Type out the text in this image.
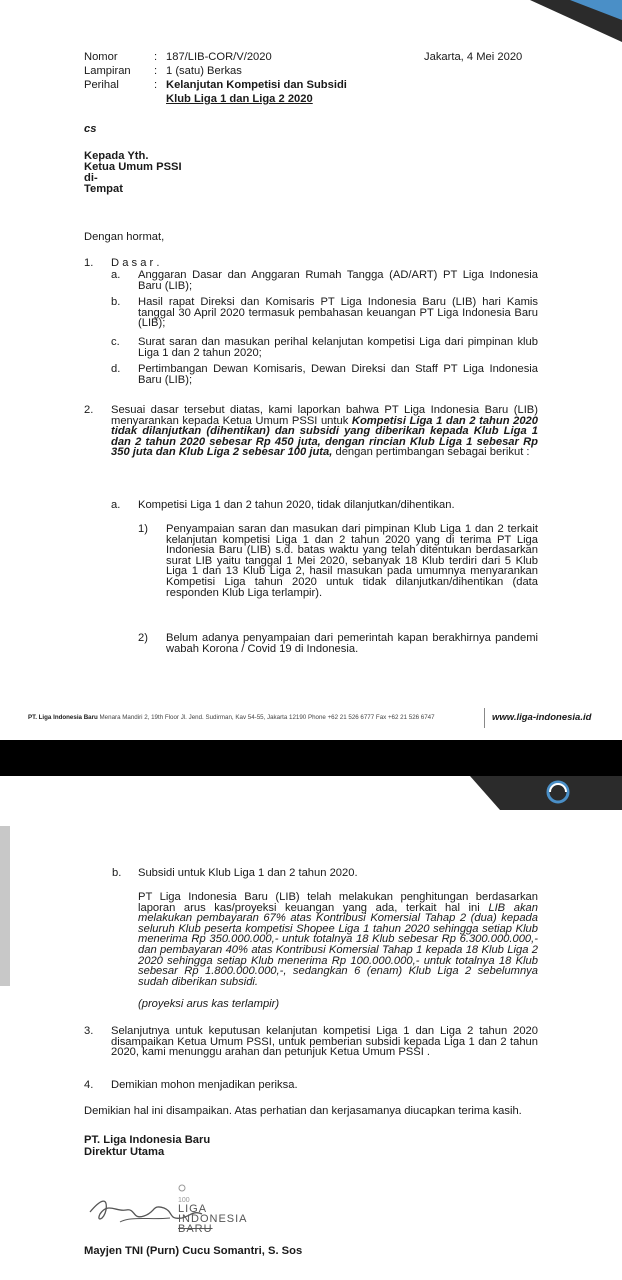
Nomor	: 187/LIB-COR/V/2020
Lampiran	: 1 (satu) Berkas
Perihal	: Kelanjutan Kompetisi dan Subsidi
Klub Liga 1 dan Liga 2 2020
Jakarta, 4 Mei 2020
cs
Kepada Yth.
Ketua Umum PSSI
di-
Tempat
Dengan hormat,
1. D a s a r .
a. Anggaran Dasar dan Anggaran Rumah Tangga (AD/ART) PT Liga Indonesia Baru (LIB);
b. Hasil rapat Direksi dan Komisaris PT Liga Indonesia Baru (LIB) hari Kamis tanggal 30 April 2020 termasuk pembahasan keuangan PT Liga Indonesia Baru (LIB);
c. Surat saran dan masukan perihal kelanjutan kompetisi Liga dari pimpinan klub Liga 1 dan 2 tahun 2020;
d. Pertimbangan Dewan Komisaris, Dewan Direksi dan Staff PT Liga Indonesia Baru (LIB);
2. Sesuai dasar tersebut diatas, kami laporkan bahwa PT Liga Indonesia Baru (LIB) menyarankan kepada Ketua Umum PSSI untuk Kompetisi Liga 1 dan 2 tahun 2020 tidak dilanjutkan (dihentikan) dan subsidi yang diberikan kepada Klub Liga 1 dan 2 tahun 2020 sebesar Rp 450 juta, dengan rincian Klub Liga 1 sebesar Rp 350 juta dan Klub Liga 2 sebesar 100 juta, dengan pertimbangan sebagai berikut :
a. Kompetisi Liga 1 dan 2 tahun 2020, tidak dilanjutkan/dihentikan.
1) Penyampaian saran dan masukan dari pimpinan Klub Liga 1 dan 2 terkait kelanjutan kompetisi Liga 1 dan 2 tahun 2020 yang di terima PT Liga Indonesia Baru (LIB) s.d. batas waktu yang telah ditentukan berdasarkan surat LIB yaitu tanggal 1 Mei 2020, sebanyak 18 Klub terdiri dari 5 Klub Liga 1 dan 13 Klub Liga 2, hasil masukan pada umumnya menyarankan Kompetisi Liga tahun 2020 untuk tidak dilanjutkan/dihentikan (data responden Klub Liga terlampir).
2) Belum adanya penyampaian dari pemerintah kapan berakhirnya pandemi wabah Korona / Covid 19 di Indonesia.
PT. Liga Indonesia Baru Menara Mandiri 2, 19th Floor Jl. Jend. Sudirman, Kav 54-55, Jakarta 12190 Phone +62 21 526 6777 Fax +62 21 526 6747	www.liga-indonesia.id
LIGA
INDONESIA
BARU
b. Subsidi untuk Klub Liga 1 dan 2 tahun 2020.
PT Liga Indonesia Baru (LIB) telah melakukan penghitungan berdasarkan laporan arus kas/proyeksi keuangan yang ada, terkait hal ini LIB akan melakukan pembayaran 67% atas Kontribusi Komersial Tahap 2 (dua) kepada seluruh Klub peserta kompetisi Shopee Liga 1 tahun 2020 sehingga setiap Klub menerima Rp 350.000.000,- untuk totalnya 18 Klub sebesar Rp 6.300.000.000,- dan pembayaran 40% atas Kontribusi Komersial Tahap 1 kepada 18 Klub Liga 2 2020 sehingga setiap Klub menerima Rp 100.000.000,- untuk totalnya 18 Klub sebesar Rp 1.800.000.000,-, sedangkan 6 (enam) Klub Liga 2 sebelumnya sudah diberikan subsidi.
(proyeksi arus kas terlampir)
3. Selanjutnya untuk keputusan kelanjutan kompetisi Liga 1 dan Liga 2 tahun 2020 disampaikan Ketua Umum PSSI, untuk pemberian subsidi kepada Liga 1 dan 2 tahun 2020, kami menunggu arahan dan petunjuk Ketua Umum PSSI .
4. Demikian mohon menjadikan periksa.
Demikian hal ini disampaikan. Atas perhatian dan kerjasamanya diucapkan terima kasih.
PT. Liga Indonesia Baru
Direktur Utama
100
LIGA
INDONESIA
BARU
Mayjen TNI (Purn) Cucu Somantri, S. Sos
